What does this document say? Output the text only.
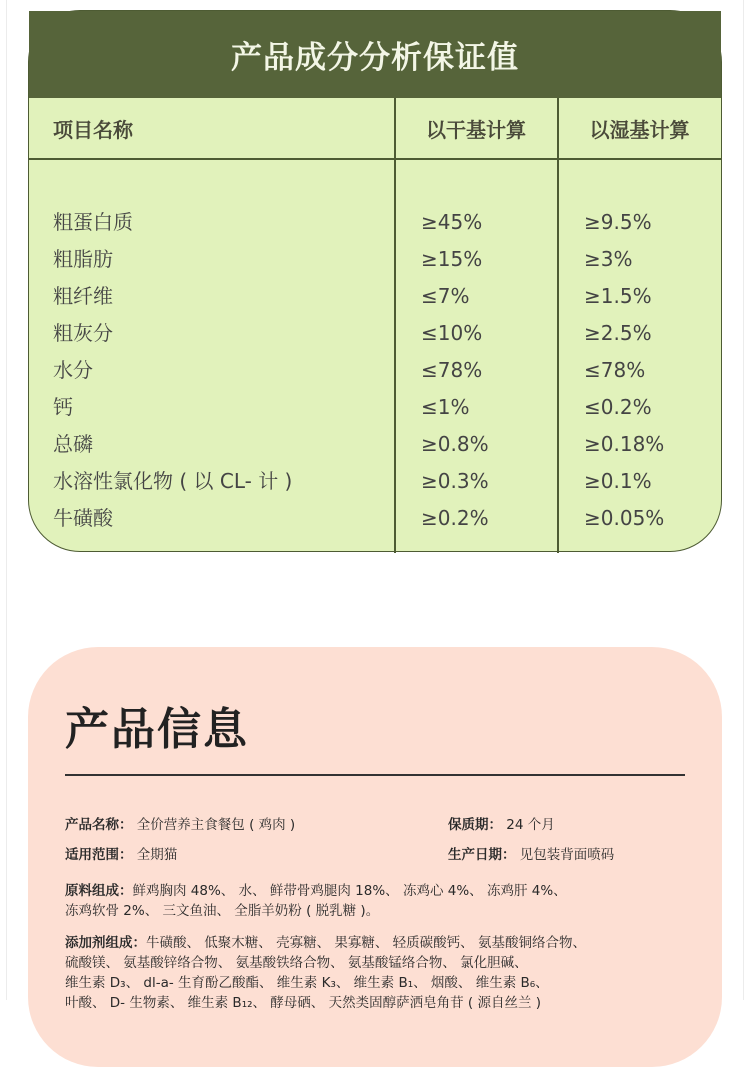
产品成分分析保证值
项目名称	以干基计算	以湿基计算
粗蛋白质	≥45%	≥9.5%
粗脂肪	≥15%	≥3%
粗纤维	≤7%	≥1.5%
粗灰分	≤10%	≥2.5%
水分	≤78%	≤78%
钙	≤1%	≤0.2%
总磷	≥0.8%	≥0.18%
水溶性氯化物 ( 以 CL- 计 )	≥0.3%	≥0.1%
牛磺酸	≥0.2%	≥0.05%
产品信息
产品名称： 全价营养主食餐包 ( 鸡肉 )	保质期： 24 个月
适用范围： 全期猫	生产日期： 见包装背面喷码
原料组成：鲜鸡胸肉 48%、 水、 鲜带骨鸡腿肉 18%、 冻鸡心 4%、 冻鸡肝 4%、
冻鸡软骨 2%、 三文鱼油、 全脂羊奶粉 ( 脱乳糖 )。
添加剂组成：牛磺酸、 低聚木糖、 壳寡糖、 果寡糖、 轻质碳酸钙、 氨基酸铜络合物、
硫酸镁、 氨基酸锌络合物、 氨基酸铁络合物、 氨基酸锰络合物、 氯化胆碱、
维生素 D₃、 dl-a- 生育酚乙酸酯、 维生素 K₃、 维生素 B₁、 烟酸、 维生素 B₆、
叶酸、 D- 生物素、 维生素 B₁₂、 酵母硒、 天然类固醇萨洒皂角苷 ( 源自丝兰 )
